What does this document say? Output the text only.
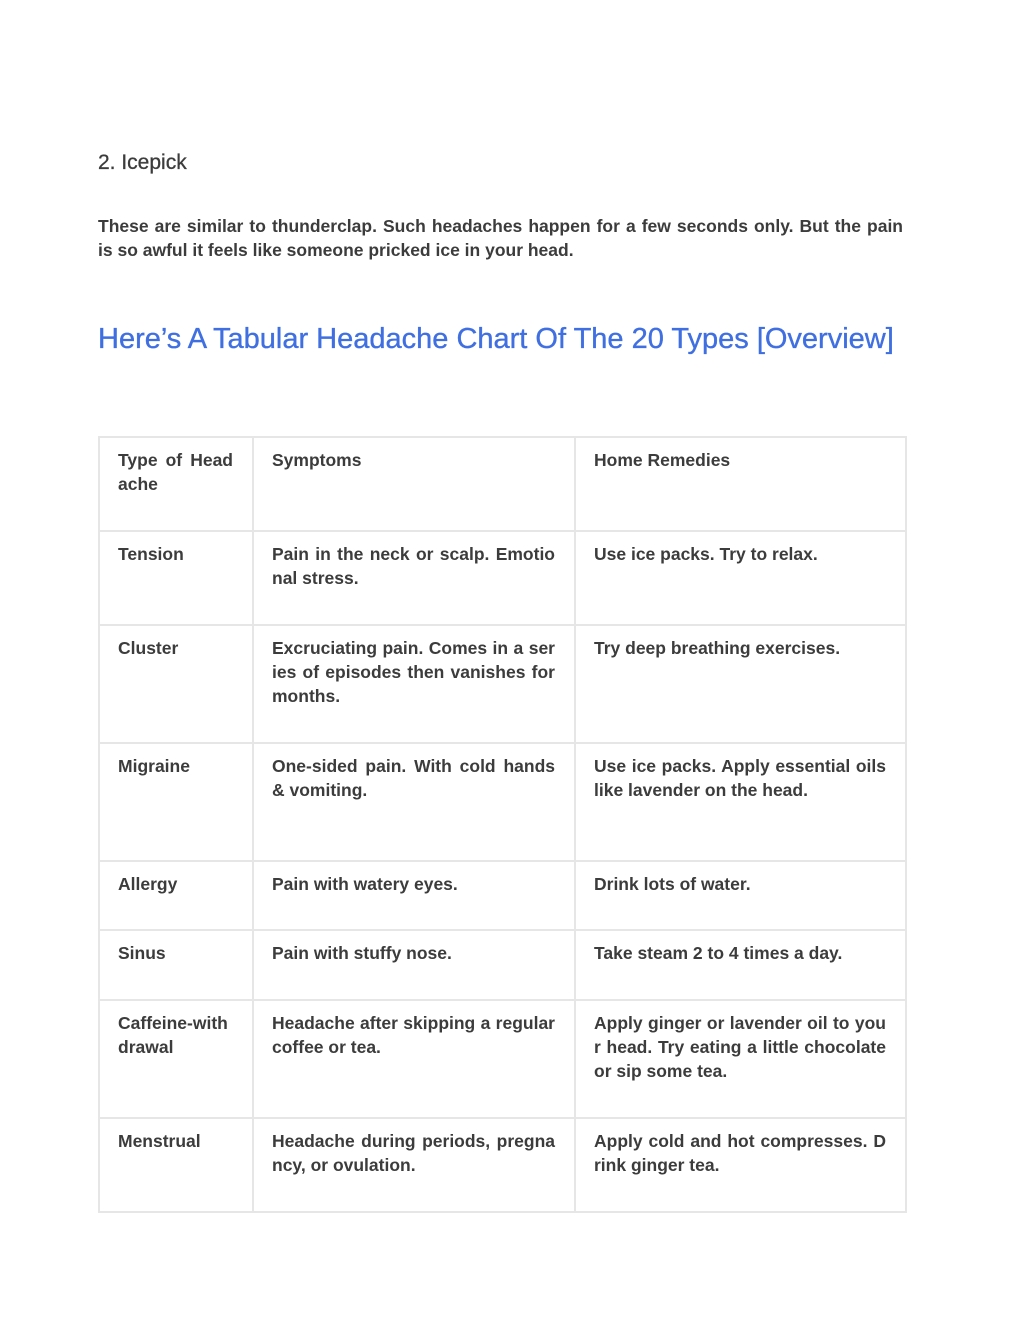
2. Icepick

These are similar to thunderclap. Such headaches happen for a few seconds only. But the pain is so awful it feels like someone pricked ice in your head.

Here’s A Tabular Headache Chart Of The 20 Types [Overview]
Type of Headache	Symptoms	Home Remedies
Tension	Pain in the neck or scalp. Emotional stress.	Use ice packs. Try to relax.
Cluster	Excruciating pain. Comes in a series of episodes then vanishes for months.	Try deep breathing exercises.
Migraine	One-sided pain. With cold hands & vomiting.	Use ice packs. Apply essential oils like lavender on the head.
Allergy	Pain with watery eyes.	Drink lots of water.
Sinus	Pain with stuffy nose.	Take steam 2 to 4 times a day.
Caffeine-withdrawal	Headache after skipping a regular coffee or tea.	Apply ginger or lavender oil to your head. Try eating a little chocolate or sip some tea.
Menstrual	Headache during periods, pregnancy, or ovulation.	Apply cold and hot compresses. Drink ginger tea.
